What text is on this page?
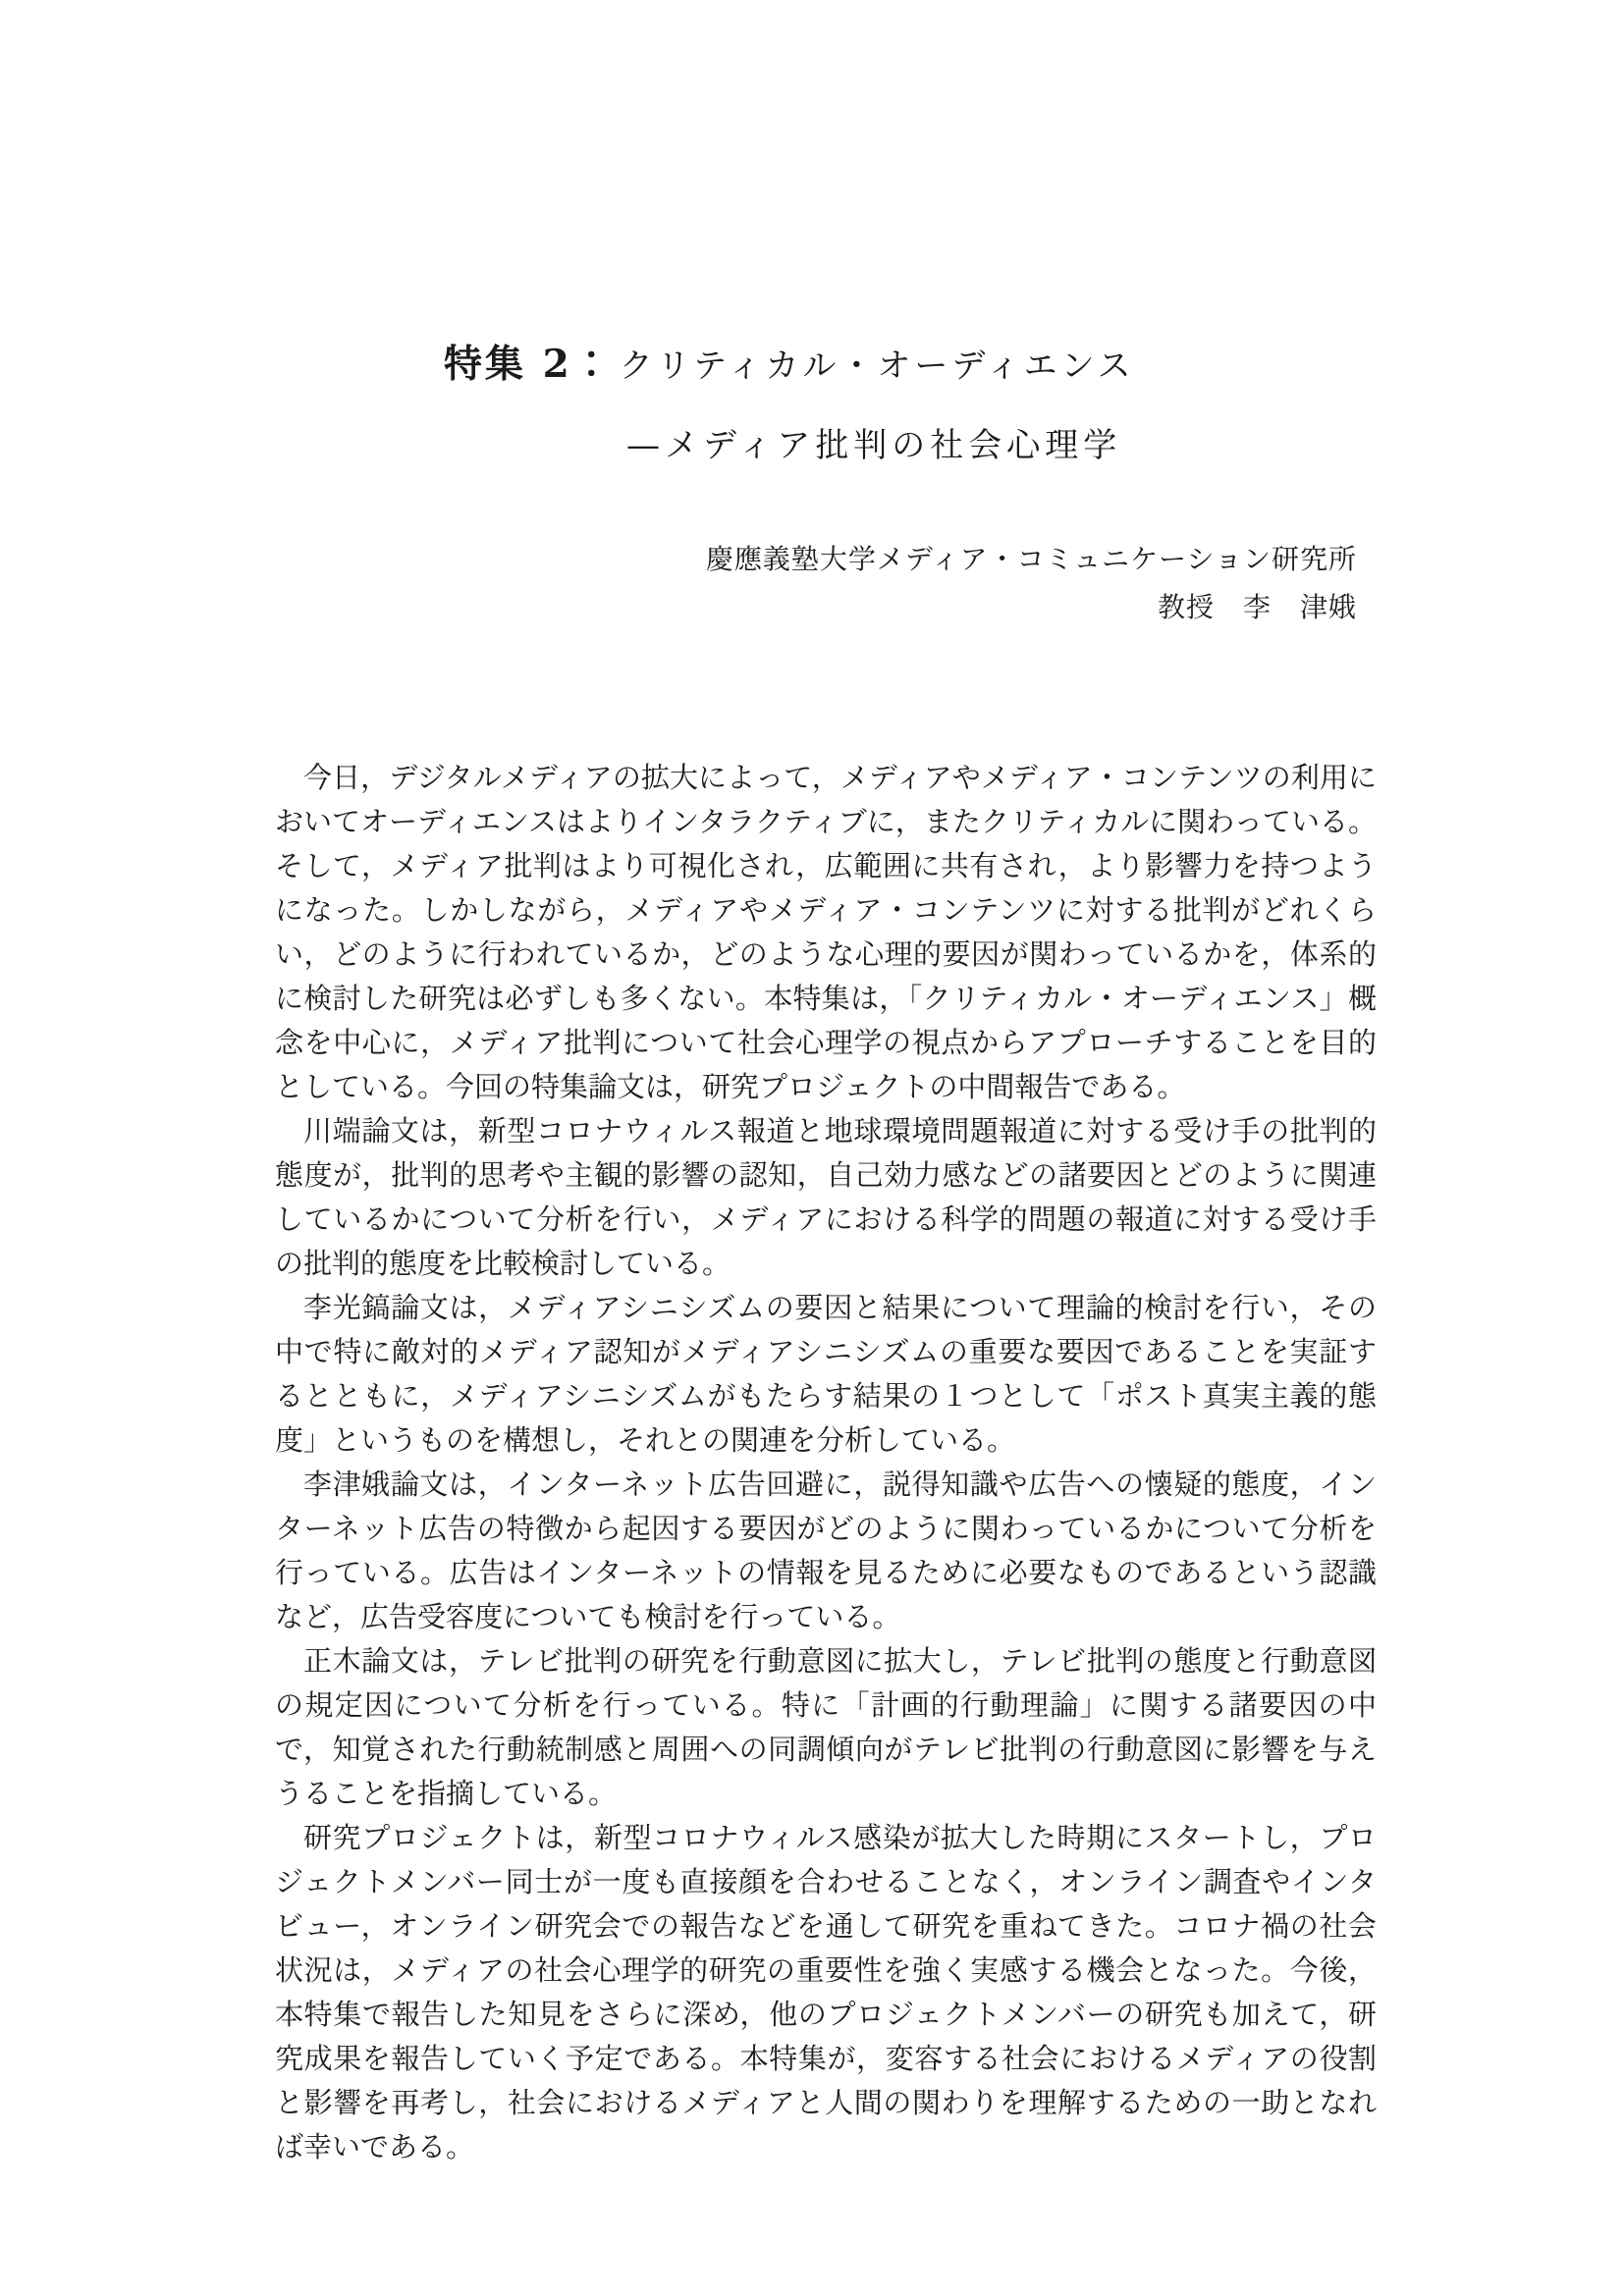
特集 2： クリティカル・オーディエンス
—メディア批判の社会心理学
慶應義塾大学メディア・コミュニケーション研究所
教授　李　津娥

今日，デジタルメディアの拡大によって，メディアやメディア・コンテンツの利用においてオーディエンスはよりインタラクティブに，またクリティカルに関わっている。そして，メディア批判はより可視化され，広範囲に共有され，より影響力を持つようになった。しかしながら，メディアやメディア・コンテンツに対する批判がどれくらい，どのように行われているか，どのような心理的要因が関わっているかを，体系的に検討した研究は必ずしも多くない。本特集は，「クリティカル・オーディエンス」概念を中心に，メディア批判について社会心理学の視点からアプローチすることを目的としている。今回の特集論文は，研究プロジェクトの中間報告である。

川端論文は，新型コロナウィルス報道と地球環境問題報道に対する受け手の批判的態度が，批判的思考や主観的影響の認知，自己効力感などの諸要因とどのように関連しているかについて分析を行い，メディアにおける科学的問題の報道に対する受け手の批判的態度を比較検討している。

李光鎬論文は，メディアシニシズムの要因と結果について理論的検討を行い，その中で特に敵対的メディア認知がメディアシニシズムの重要な要因であることを実証するとともに，メディアシニシズムがもたらす結果の１つとして「ポスト真実主義的態度」というものを構想し，それとの関連を分析している。

李津娥論文は，インターネット広告回避に，説得知識や広告への懐疑的態度，インターネット広告の特徴から起因する要因がどのように関わっているかについて分析を行っている。広告はインターネットの情報を見るために必要なものであるという認識など，広告受容度についても検討を行っている。

正木論文は，テレビ批判の研究を行動意図に拡大し，テレビ批判の態度と行動意図の規定因について分析を行っている。特に「計画的行動理論」に関する諸要因の中で，知覚された行動統制感と周囲への同調傾向がテレビ批判の行動意図に影響を与えうることを指摘している。

研究プロジェクトは，新型コロナウィルス感染が拡大した時期にスタートし，プロジェクトメンバー同士が一度も直接顔を合わせることなく，オンライン調査やインタビュー，オンライン研究会での報告などを通して研究を重ねてきた。コロナ禍の社会状況は，メディアの社会心理学的研究の重要性を強く実感する機会となった。今後，本特集で報告した知見をさらに深め，他のプロジェクトメンバーの研究も加えて，研究成果を報告していく予定である。本特集が，変容する社会におけるメディアの役割と影響を再考し，社会におけるメディアと人間の関わりを理解するための一助となれば幸いである。
